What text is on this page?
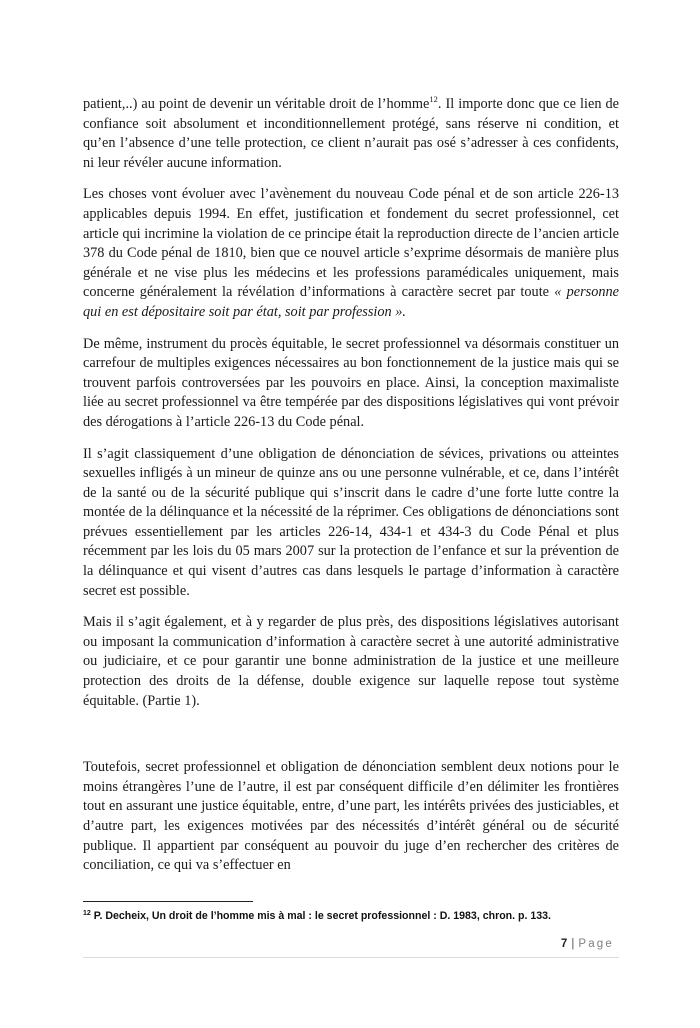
patient,..) au point de devenir un véritable droit de l’homme$^{12}$. Il importe donc que ce lien de confiance soit absolument et inconditionnellement protégé, sans réserve ni condition, et qu’en l’absence d’une telle protection, ce client n’aurait pas osé s’adresser à ces confidents, ni leur révéler aucune information.

Les choses vont évoluer avec l’avènement du nouveau Code pénal et de son article 226-13 applicables depuis 1994. En effet, justification et fondement du secret professionnel, cet article qui incrimine la violation de ce principe était la reproduction directe de l’ancien article 378 du Code pénal de 1810, bien que ce nouvel article s’exprime désormais de manière plus générale et ne vise plus les médecins et les professions paramédicales uniquement, mais concerne généralement la révélation d’informations à caractère secret par toute « personne qui en est dépositaire soit par état, soit par profession ».

De même, instrument du procès équitable, le secret professionnel va désormais constituer un carrefour de multiples exigences nécessaires au bon fonctionnement de la justice mais qui se trouvent parfois controversées par les pouvoirs en place. Ainsi, la conception maximaliste liée au secret professionnel va être tempérée par des dispositions législatives qui vont prévoir des dérogations à l’article 226-13 du Code pénal.

Il s’agit classiquement d’une obligation de dénonciation de sévices, privations ou atteintes sexuelles infligés à un mineur de quinze ans ou une personne vulnérable, et ce, dans l’intérêt de la santé ou de la sécurité publique qui s’inscrit dans le cadre d’une forte lutte contre la montée de la délinquance et la nécessité de la réprimer. Ces obligations de dénonciations sont prévues essentiellement par les articles 226-14, 434-1 et 434-3 du Code Pénal et plus récemment par les lois du 05 mars 2007 sur la protection de l’enfance et sur la prévention de la délinquance et qui visent d’autres cas dans lesquels le partage d’information à caractère secret est possible.

Mais il s’agit également, et à y regarder de plus près, des dispositions législatives autorisant ou imposant la communication d’information à caractère secret à une autorité administrative ou judiciaire, et ce pour garantir une bonne administration de la justice et une meilleure protection des droits de la défense, double exigence sur laquelle repose tout système équitable. (Partie 1).

Toutefois, secret professionnel et obligation de dénonciation semblent deux notions pour le moins étrangères l’une de l’autre, il est par conséquent difficile d’en délimiter les frontières tout en assurant une justice équitable, entre, d’une part, les intérêts privées des justiciables, et d’autre part, les exigences motivées par des nécessités d’intérêt général ou de sécurité publique. Il appartient par conséquent au pouvoir du juge d’en rechercher des critères de conciliation, ce qui va s’effectuer en

$^{12}$ P. Decheix, Un droit de l’homme mis à mal : le secret professionnel : D. 1983, chron. p. 133.
7 | Page
